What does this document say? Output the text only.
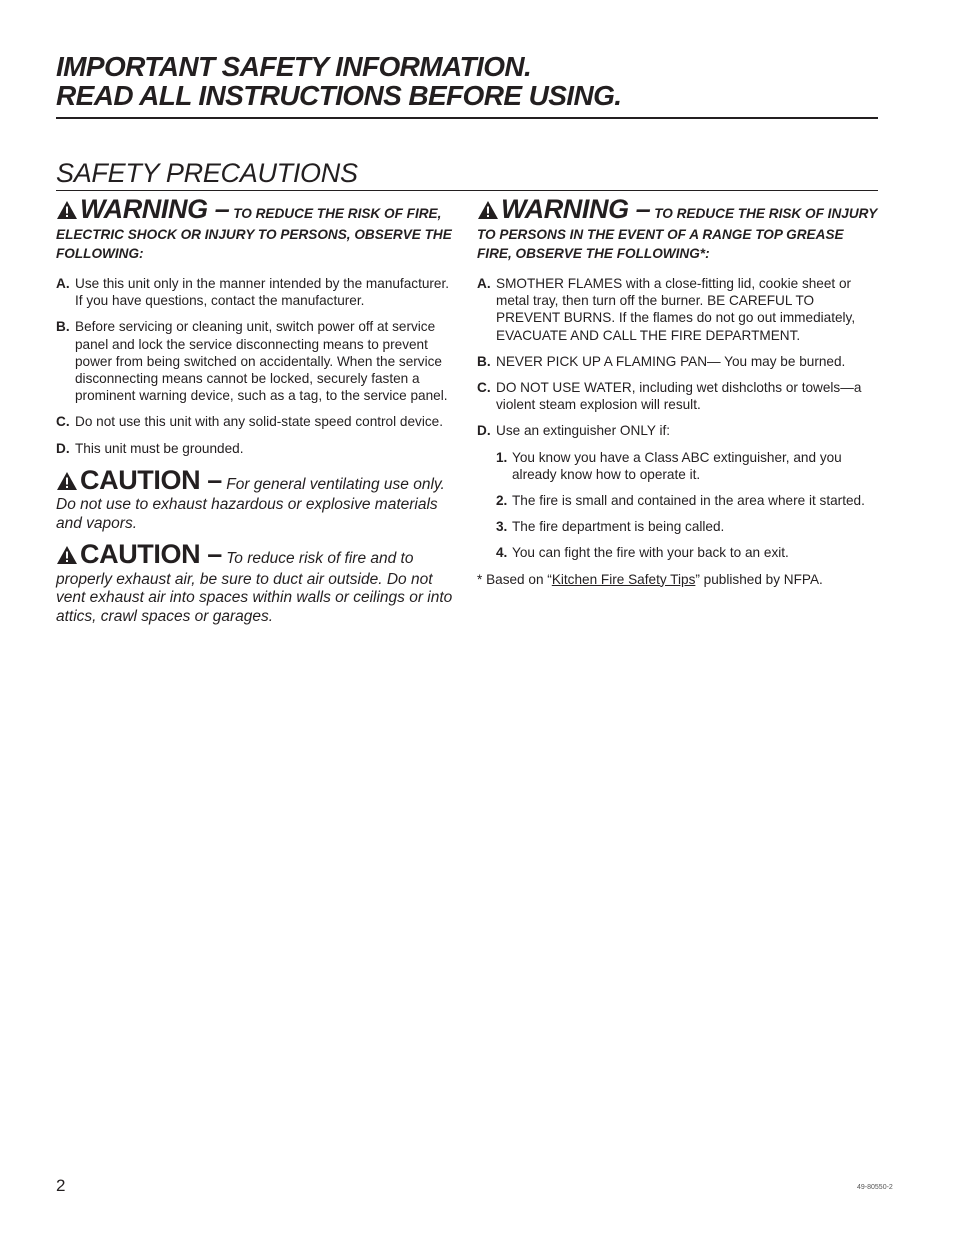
IMPORTANT SAFETY INFORMATION.
READ ALL INSTRUCTIONS BEFORE USING.
SAFETY PRECAUTIONS
WARNING – TO REDUCE THE RISK OF FIRE, ELECTRIC SHOCK OR INJURY TO PERSONS, OBSERVE THE FOLLOWING:
A. Use this unit only in the manner intended by the manufacturer. If you have questions, contact the manufacturer.
B. Before servicing or cleaning unit, switch power off at service panel and lock the service disconnecting means to prevent power from being switched on accidentally. When the service disconnecting means cannot be locked, securely fasten a prominent warning device, such as a tag, to the service panel.
C. Do not use this unit with any solid-state speed control device.
D. This unit must be grounded.
CAUTION – For general ventilating use only. Do not use to exhaust hazardous or explosive materials and vapors.
CAUTION – To reduce risk of fire and to properly exhaust air, be sure to duct air outside. Do not vent exhaust air into spaces within walls or ceilings or into attics, crawl spaces or garages.
WARNING – TO REDUCE THE RISK OF INJURY TO PERSONS IN THE EVENT OF A RANGE TOP GREASE FIRE, OBSERVE THE FOLLOWING*:
A. SMOTHER FLAMES with a close-fitting lid, cookie sheet or metal tray, then turn off the burner. BE CAREFUL TO PREVENT BURNS. If the flames do not go out immediately, EVACUATE AND CALL THE FIRE DEPARTMENT.
B. NEVER PICK UP A FLAMING PAN— You may be burned.
C. DO NOT USE WATER, including wet dishcloths or towels—a violent steam explosion will result.
D. Use an extinguisher ONLY if:
1. You know you have a Class ABC extinguisher, and you already know how to operate it.
2. The fire is small and contained in the area where it started.
3. The fire department is being called.
4. You can fight the fire with your back to an exit.
* Based on “Kitchen Fire Safety Tips” published by NFPA.
2	49-80550-2
